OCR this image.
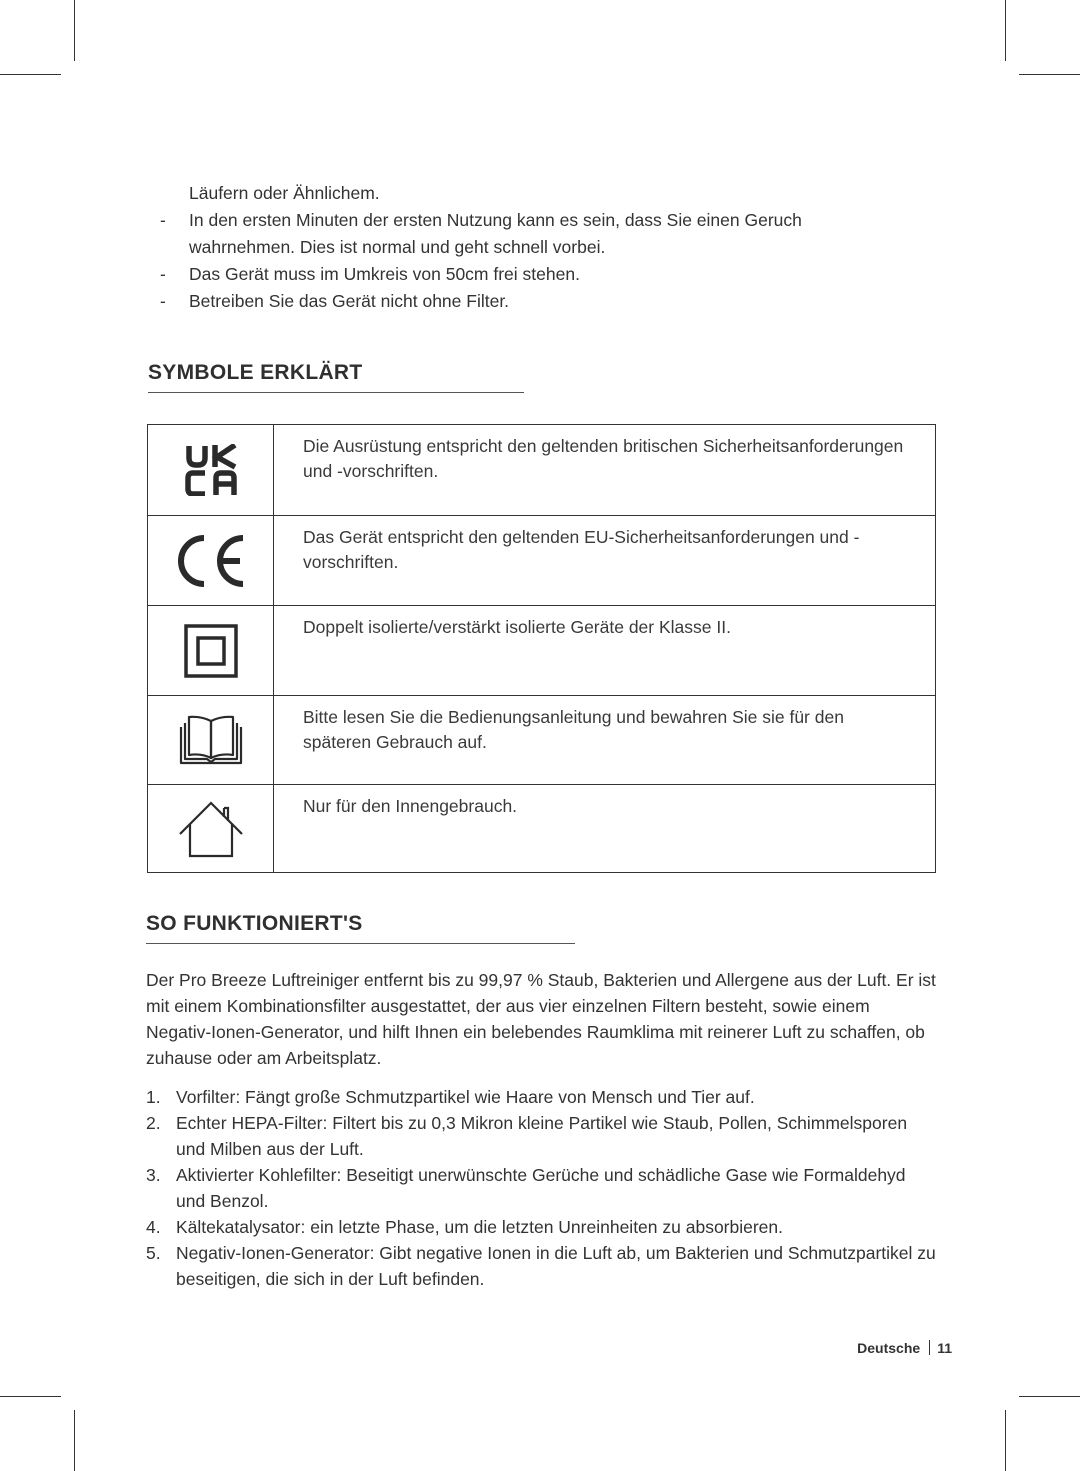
Läufern oder Ähnlichem.
- In den ersten Minuten der ersten Nutzung kann es sein, dass Sie einen Geruch wahrnehmen. Dies ist normal und geht schnell vorbei.
- Das Gerät muss im Umkreis von 50cm frei stehen.
- Betreiben Sie das Gerät nicht ohne Filter.
SYMBOLE ERKLÄRT
Die Ausrüstung entspricht den geltenden britischen Sicherheitsanforderungen und -vorschriften.
Das Gerät entspricht den geltenden EU-Sicherheitsanforderungen und -vorschriften.
Doppelt isolierte/verstärkt isolierte Geräte der Klasse II.
Bitte lesen Sie die Bedienungsanleitung und bewahren Sie sie für den späteren Gebrauch auf.
Nur für den Innengebrauch.
SO FUNKTIONIERT'S

Der Pro Breeze Luftreiniger entfernt bis zu 99,97 % Staub, Bakterien und Allergene aus der Luft. Er ist mit einem Kombinationsfilter ausgestattet, der aus vier einzelnen Filtern besteht, sowie einem Negativ-Ionen-Generator, und hilft Ihnen ein belebendes Raumklima mit reinerer Luft zu schaffen, ob zuhause oder am Arbeitsplatz.

1. Vorfilter: Fängt große Schmutzpartikel wie Haare von Mensch und Tier auf.
2. Echter HEPA-Filter: Filtert bis zu 0,3 Mikron kleine Partikel wie Staub, Pollen, Schimmelsporen und Milben aus der Luft.
3. Aktivierter Kohlefilter: Beseitigt unerwünschte Gerüche und schädliche Gase wie Formaldehyd und Benzol.
4. Kältekatalysator: ein letzte Phase, um die letzten Unreinheiten zu absorbieren.
5. Negativ-Ionen-Generator: Gibt negative Ionen in die Luft ab, um Bakterien und Schmutzpartikel zu beseitigen, die sich in der Luft befinden.
Deutsche 11
